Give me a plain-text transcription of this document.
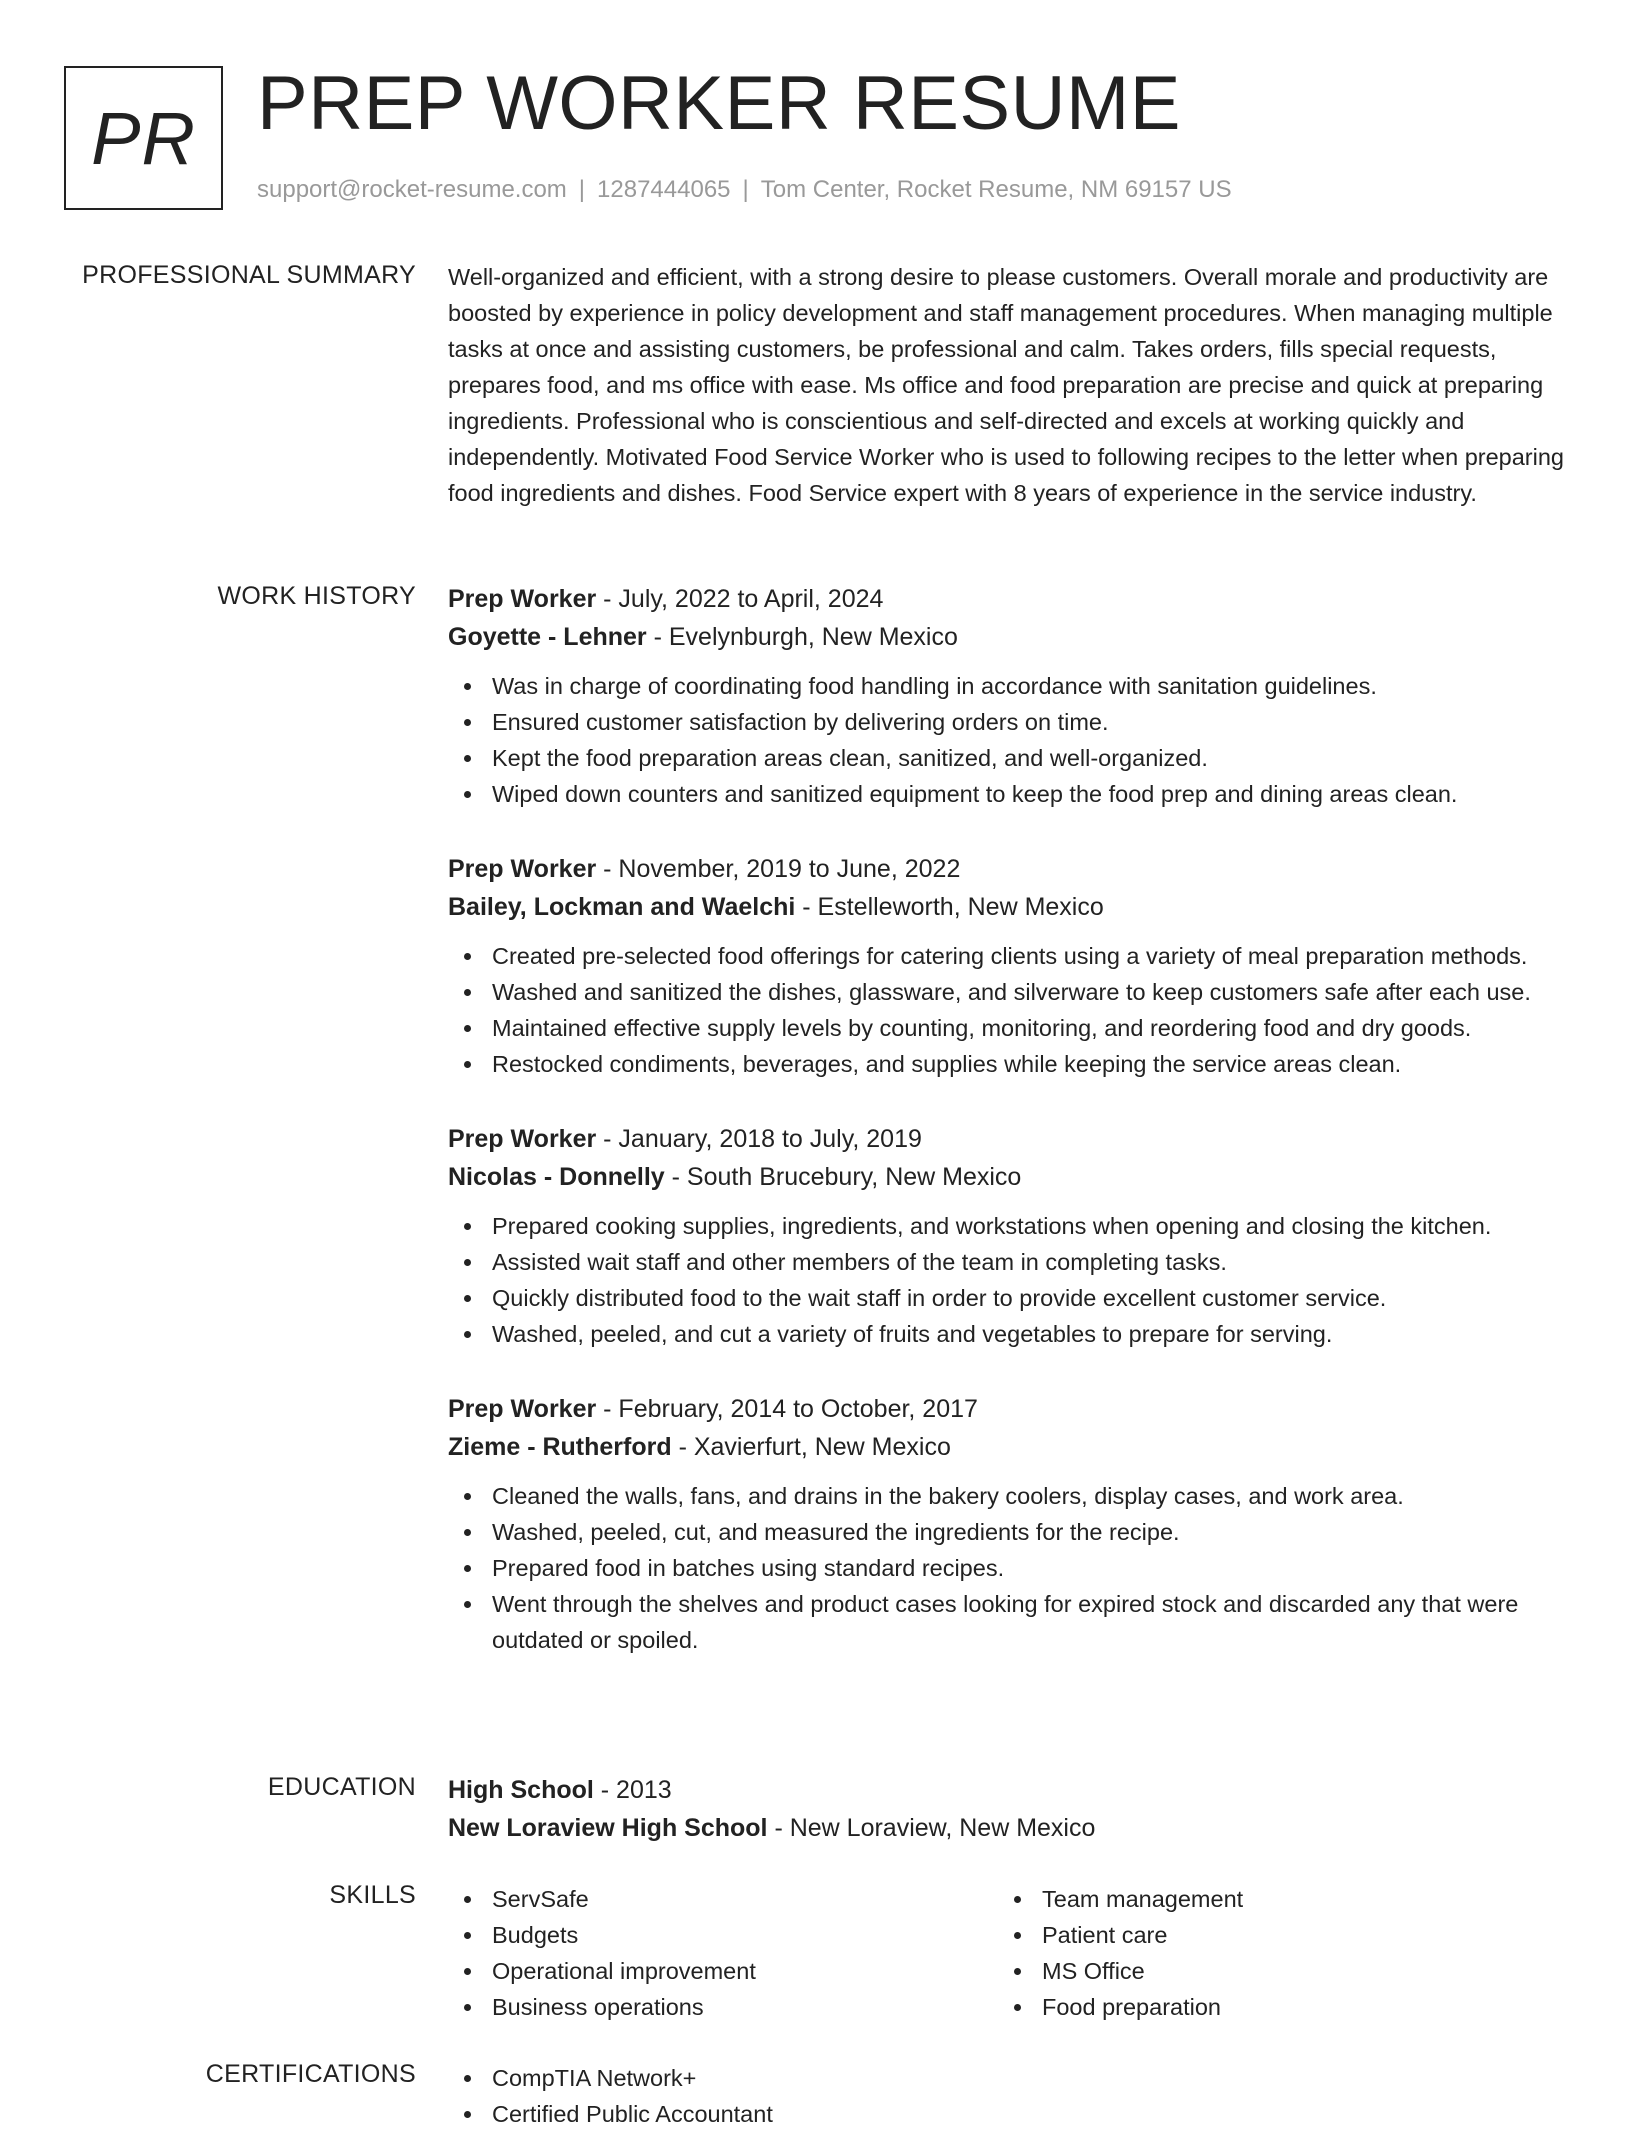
PR PREP WORKER RESUME
support@rocket-resume.com | 1287444065 | Tom Center, Rocket Resume, NM 69157 US
PROFESSIONAL SUMMARY Well-organized and efficient, with a strong desire to please customers. Overall morale and productivity are boosted by experience in policy development and staff management procedures. When managing multiple tasks at once and assisting customers, be professional and calm. Takes orders, fills special requests, prepares food, and ms office with ease. Ms office and food preparation are precise and quick at preparing ingredients. Professional who is conscientious and self-directed and excels at working quickly and independently. Motivated Food Service Worker who is used to following recipes to the letter when preparing food ingredients and dishes. Food Service expert with 8 years of experience in the service industry.
WORK HISTORY Prep Worker - July, 2022 to April, 2024
Goyette - Lehner - Evelynburgh, New Mexico
Was in charge of coordinating food handling in accordance with sanitation guidelines.
Ensured customer satisfaction by delivering orders on time.
Kept the food preparation areas clean, sanitized, and well-organized.
Wiped down counters and sanitized equipment to keep the food prep and dining areas clean.
Prep Worker - November, 2019 to June, 2022
Bailey, Lockman and Waelchi - Estelleworth, New Mexico
Created pre-selected food offerings for catering clients using a variety of meal preparation methods.
Washed and sanitized the dishes, glassware, and silverware to keep customers safe after each use.
Maintained effective supply levels by counting, monitoring, and reordering food and dry goods.
Restocked condiments, beverages, and supplies while keeping the service areas clean.
Prep Worker - January, 2018 to July, 2019
Nicolas - Donnelly - South Brucebury, New Mexico
Prepared cooking supplies, ingredients, and workstations when opening and closing the kitchen.
Assisted wait staff and other members of the team in completing tasks.
Quickly distributed food to the wait staff in order to provide excellent customer service.
Washed, peeled, and cut a variety of fruits and vegetables to prepare for serving.
Prep Worker - February, 2014 to October, 2017
Zieme - Rutherford - Xavierfurt, New Mexico
Cleaned the walls, fans, and drains in the bakery coolers, display cases, and work area.
Washed, peeled, cut, and measured the ingredients for the recipe.
Prepared food in batches using standard recipes.
Went through the shelves and product cases looking for expired stock and discarded any that were outdated or spoiled.
EDUCATION High School - 2013
New Loraview High School - New Loraview, New Mexico
SKILLS	ServSafe
Budgets
Operational improvement
Business operations
Team management
Patient care
MS Office
Food preparation
CERTIFICATIONS	CompTIA Network+
Certified Public Accountant
